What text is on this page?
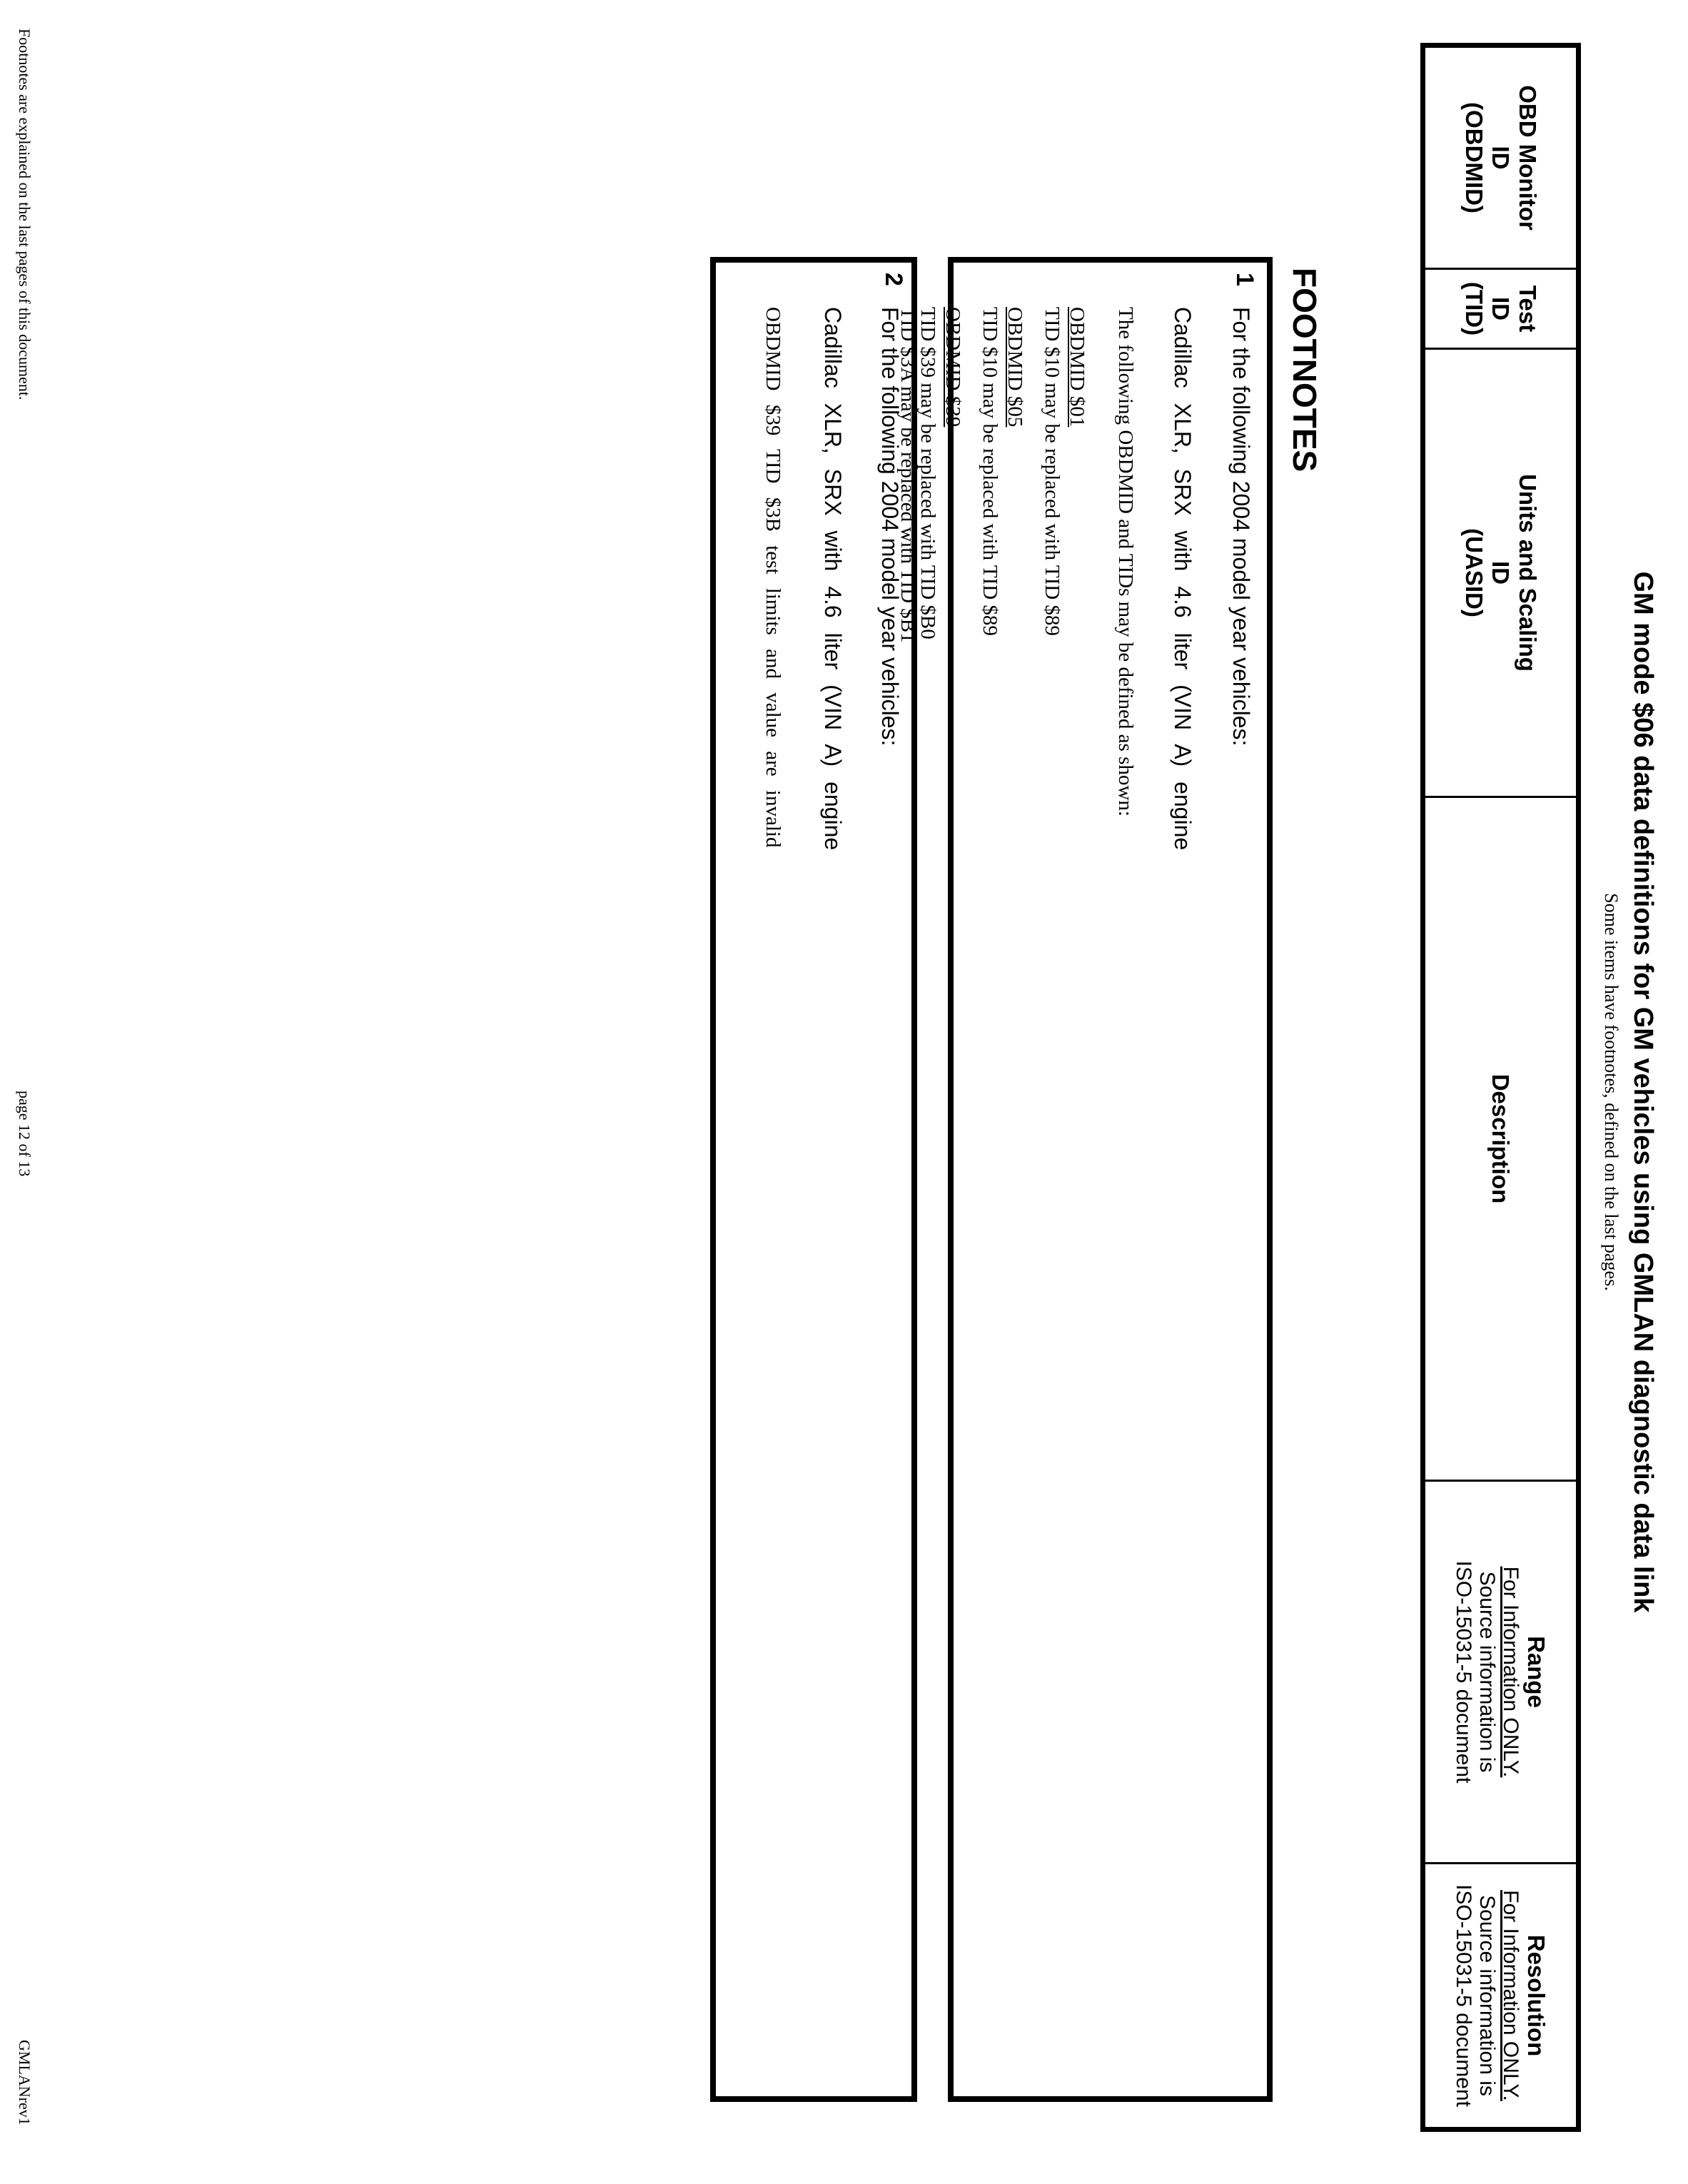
GM mode $06 data definitions for GM vehicles using GMLAN diagnostic data link
Some items have footnotes, defined on the last pages.
OBD Monitor
ID
(OBDMID)	Test
ID
(TID)	Units and Scaling
ID
(UASID)	Description	Range
For Information ONLY.
Source information is
ISO-15031-5 document
	Resolution
For Information ONLY.
Source information is
ISO-15031-5 document
FOOTNOTES
1
For the following 2004 model year vehicles:
Cadillac XLR, SRX with 4.6 liter (VIN A) engine
The following OBDMID and TIDs may be defined as shown:
OBDMID $01
TID $10 may be replaced with TID $89
OBDMID $05
TID $10 may be replaced with TID $89
OBDMID $39
TID $39 may be replaced with TID $B0
TID $3A may be replaced with TID $B1
2
For the following 2004 model year vehicles:
Cadillac XLR, SRX with 4.6 liter (VIN A) engine
OBDMID $39 TID $3B test limits and value are invalid
Footnotes are explained on the last pages of this document.
page 12 of 13
GMLANrev1
